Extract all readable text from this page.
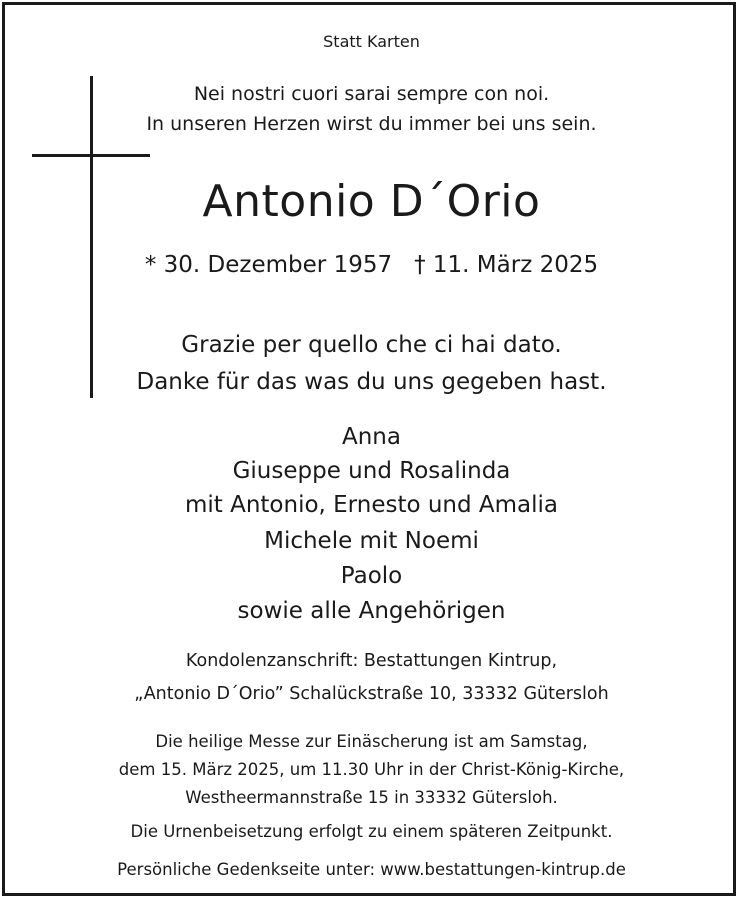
Statt Karten
Nei nostri cuori sarai sempre con noi.
In unseren Herzen wirst du immer bei uns sein.
Antonio D´Orio
* 30. Dezember 1957 † 11. März 2025
Grazie per quello che ci hai dato.
Danke für das was du uns gegeben hast.
Anna
Giuseppe und Rosalinda
mit Antonio, Ernesto und Amalia
Michele mit Noemi
Paolo
sowie alle Angehörigen
Kondolenzanschrift: Bestattungen Kintrup,
„Antonio D´Orio” Schalückstraße 10, 33332 Gütersloh
Die heilige Messe zur Einäscherung ist am Samstag,
dem 15. März 2025, um 11.30 Uhr in der Christ-König-Kirche,
Westheermannstraße 15 in 33332 Gütersloh.
Die Urnenbeisetzung erfolgt zu einem späteren Zeitpunkt.
Persönliche Gedenkseite unter: www.bestattungen-kintrup.de
